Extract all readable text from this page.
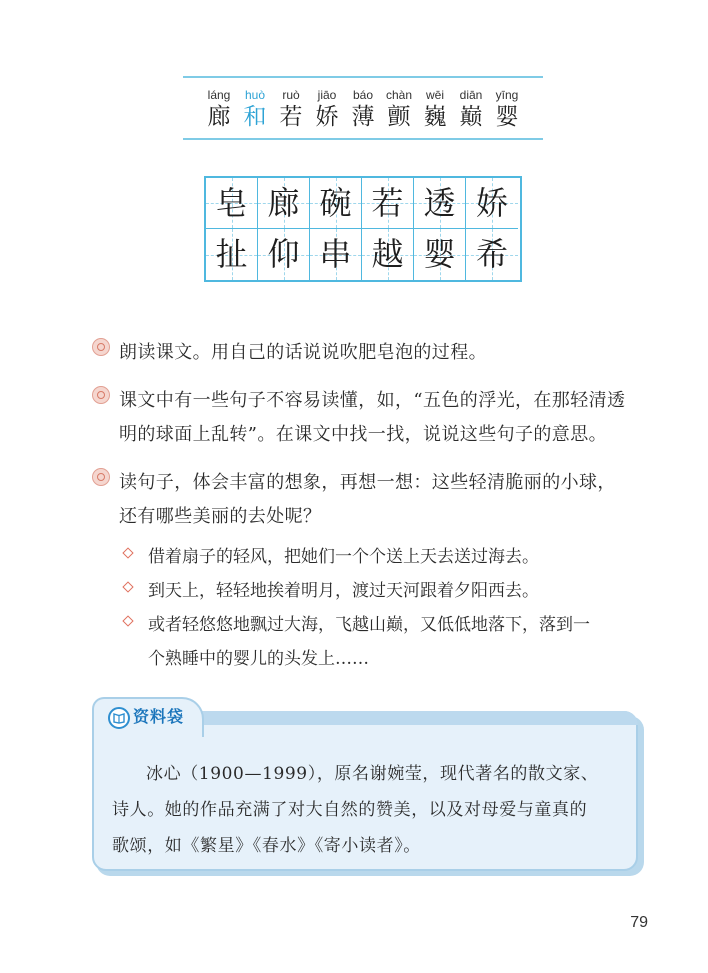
láng
廊
huò
和
ruò
若
jiāo
娇
báo
薄
chàn
颤
wēi
巍
diān
巅
yīng
婴
皂 廊 碗 若 透 娇
扯 仰 串 越 婴 希
朗读课文。用自己的话说说吹肥皂泡的过程。
课文中有一些句子不容易读懂，如，“五色的浮光，在那轻清透
明的球面上乱转”。在课文中找一找，说说这些句子的意思。
读句子，体会丰富的想象，再想一想：这些轻清脆丽的小球，
还有哪些美丽的去处呢？
借着扇子的轻风，把她们一个个送上天去送过海去。
到天上，轻轻地挨着明月，渡过天河跟着夕阳西去。
或者轻悠悠地飘过大海，飞越山巅，又低低地落下，落到一
个熟睡中的婴儿的头发上……
资料袋
冰心（1900—1999），原名谢婉莹，现代著名的散文家、
诗人。她的作品充满了对大自然的赞美，以及对母爱与童真的
歌颂，如《繁星》《春水》《寄小读者》。
79
